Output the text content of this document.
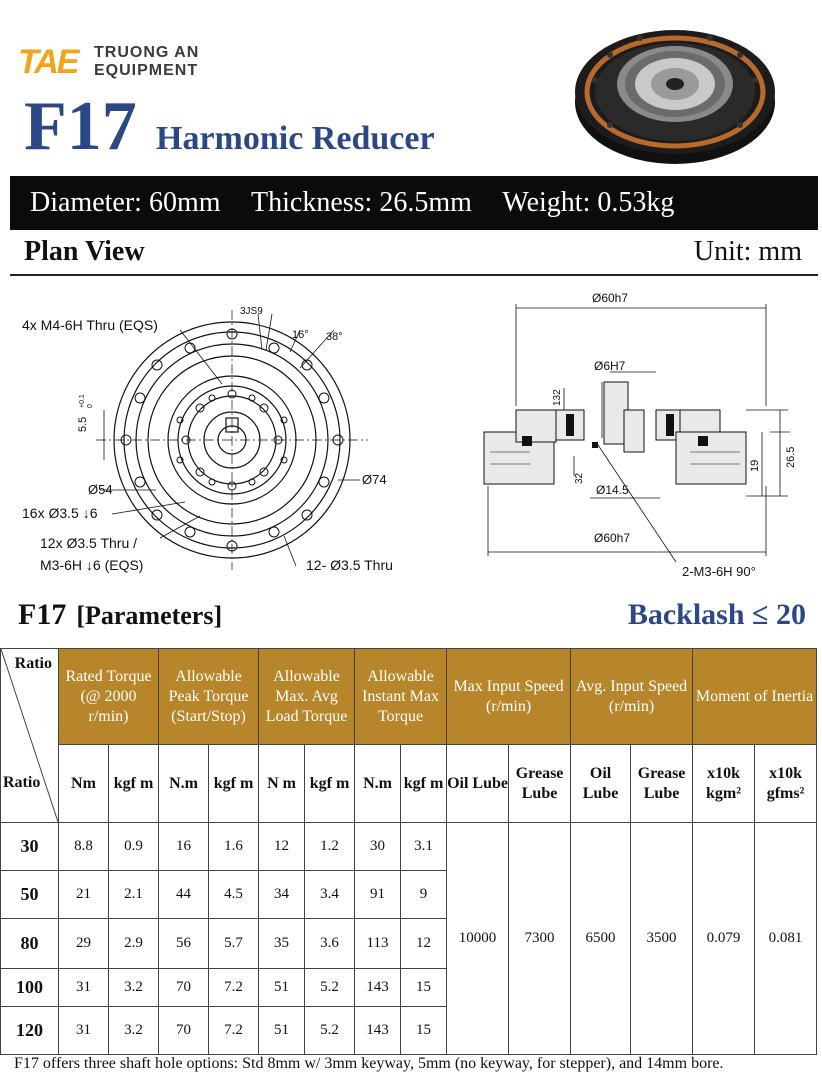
TAE TRUONG AN
EQUIPMENT
F17 Harmonic Reducer
Diameter: 60mm Thickness: 26.5mm Weight: 0.53kg
Plan View	Unit: mm
4x M4-6H Thru (EQS)
3JS9
16° 38°
5.5
+0.1 0
Ø54
Ø74
16x Ø3.5 ↓6
12x Ø3.5 Thru /
M3-6H ↓6 (EQS)	12- Ø3.5 Thru
Ø60h7
Ø6H7
132
32
Ø14.5
Ø60h7
19 26.5
2-M3-6H 90°
F17 [Parameters]	Backlash ≤ 20
Ratio
Ratio	Rated Torque (@ 2000 r/min)		Allowable Peak Torque (Start/Stop)		Allowable Max. Avg Load Torque		Allowable Instant Max Torque		Max Input Speed (r/min)		Avg. Input Speed (r/min)		Moment of Inertia	
	Nm	kgf m	N.m	kgf m	N m	kgf m	N.m	kgf m	Oil Lube	Grease Lube	Oil Lube	Grease Lube	x10k kgm²	x10k gfms²
30	8.8	0.9	16	1.6	12	1.2	30	3.1	10000	7300	6500	3500	0.079	0.081
50	21	2.1	44	4.5	34	3.4	91	9						
80	29	2.9	56	5.7	35	3.6	113	12						
100	31	3.2	70	7.2	51	5.2	143	15						
120	31	3.2	70	7.2	51	5.2	143	15						
F17 offers three shaft hole options: Std 8mm w/ 3mm keyway, 5mm (no keyway, for stepper), and 14mm bore.
